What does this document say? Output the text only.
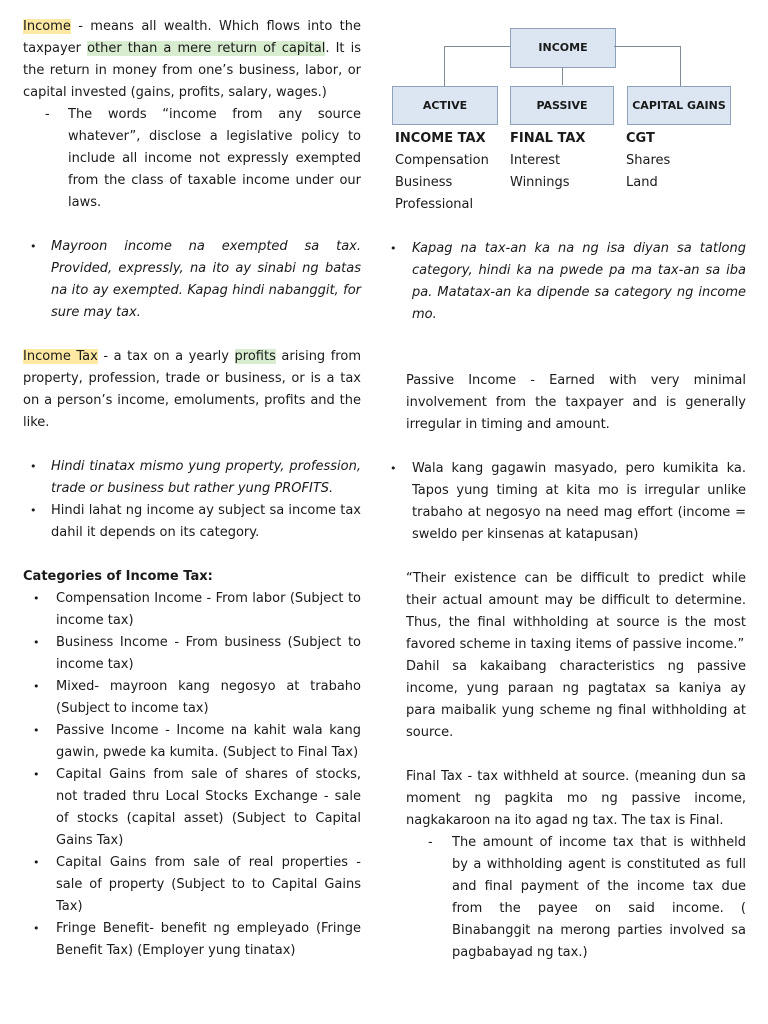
Income - means all wealth. Which flows into the taxpayer other than a mere return of capital. It is the return in money from one’s business, labor, or capital invested (gains, profits, salary, wages.)

- The words “income from any source whatever”, disclose a legislative policy to include all income not expressly exempted from the class of taxable income under our laws.
• Mayroon income na exempted sa tax. Provided, expressly, na ito ay sinabi ng batas na ito ay exempted. Kapag hindi nabanggit, for sure may tax.

Income Tax - a tax on a yearly profits arising from property, profession, trade or business, or is a tax on a person’s income, emoluments, profits and the like.

• Hindi tinatax mismo yung property, profession, trade or business but rather yung PROFITS.
• Hindi lahat ng income ay subject sa income tax dahil it depends on its category.
Categories of Income Tax:
• Compensation Income - From labor (Subject to income tax)
• Business Income - From business (Subject to income tax)
• Mixed- mayroon kang negosyo at trabaho (Subject to income tax)
• Passive Income - Income na kahit wala kang gawin, pwede ka kumita. (Subject to Final Tax)
• Capital Gains from sale of shares of stocks, not traded thru Local Stocks Exchange - sale of stocks (capital asset) (Subject to Capital Gains Tax)
• Capital Gains from sale of real properties - sale of property (Subject to to Capital Gains Tax)
• Fringe Benefit- benefit ng empleyado (Fringe Benefit Tax) (Employer yung tinatax)
INCOME
ACTIVE	PASSIVE	CAPITAL GAINS
INCOME TAX
Compensation
Business
Professional
FINAL TAX
Interest
Winnings
CGT
Shares
Land
• Kapag na tax-an ka na ng isa diyan sa tatlong category, hindi ka na pwede pa ma tax-an sa iba pa. Matatax-an ka dipende sa category ng income mo.

Passive Income - Earned with very minimal involvement from the taxpayer and is generally irregular in timing and amount.

• Wala kang gagawin masyado, pero kumikita ka. Tapos yung timing at kita mo is irregular unlike trabaho at negosyo na need mag effort (income = sweldo per kinsenas at katapusan)

“Their existence can be difficult to predict while their actual amount may be difficult to determine. Thus, the final withholding at source is the most favored scheme in taxing items of passive income.”

Dahil sa kakaibang characteristics ng passive income, yung paraan ng pagtatax sa kaniya ay para maibalik yung scheme ng final withholding at source.

Final Tax - tax withheld at source. (meaning dun sa moment ng pagkita mo ng passive income, nagkakaroon na ito agad ng tax. The tax is Final.

- The amount of income tax that is withheld by a withholding agent is constituted as full and final payment of the income tax due from the payee on said income. ( Binabanggit na merong parties involved sa pagbabayad ng tax.)
